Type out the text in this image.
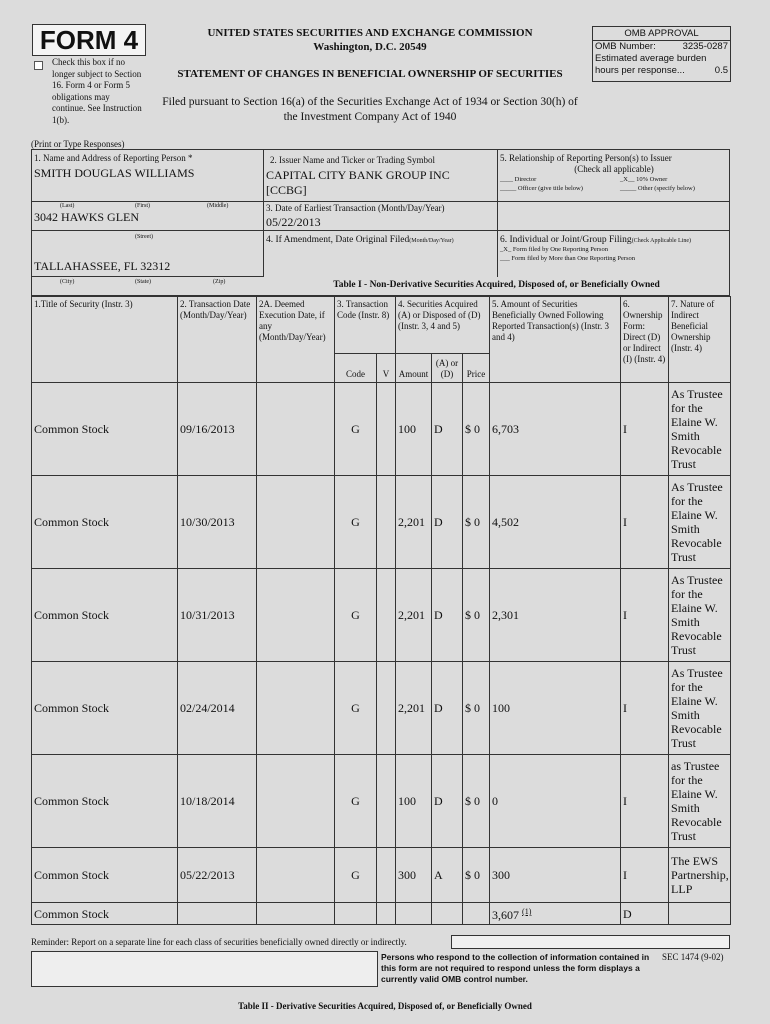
FORM 4
Check this box if no longer subject to Section 16. Form 4 or Form 5 obligations may continue. See Instruction 1(b).
UNITED STATES SECURITIES AND EXCHANGE COMMISSION
Washington, D.C. 20549
STATEMENT OF CHANGES IN BENEFICIAL OWNERSHIP OF SECURITIES
Filed pursuant to Section 16(a) of the Securities Exchange Act of 1934 or Section 30(h) of
the Investment Company Act of 1940
OMB APPROVAL
OMB Number:	3235-0287
Estimated average burden
hours per response...	0.5
(Print or Type Responses)
1. Name and Address of Reporting Person *
SMITH DOUGLAS WILLIAMS
(Last)	(First)	(Middle)
3042 HAWKS GLEN
(Street)
TALLAHASSEE, FL 32312
(City)	(State)	(Zip)
2. Issuer Name and Ticker or Trading Symbol
CAPITAL CITY BANK GROUP INC
[CCBG]
3. Date of Earliest Transaction (Month/Day/Year)
05/22/2013
4. If Amendment, Date Original Filed(Month/Day/Year)
5. Relationship of Reporting Person(s) to Issuer
(Check all applicable)
____ Director	_X__ 10% Owner
_____ Officer (give title below)	_____ Other (specify below)
6. Individual or Joint/Group Filing(Check Applicable Line)
_X_ Form filed by One Reporting Person
___ Form filed by More than One Reporting Person
Table I - Non-Derivative Securities Acquired, Disposed of, or Beneficially Owned
1.Title of Security (Instr. 3)	2. Transaction Date (Month/Day/Year)	2A. Deemed Execution Date, if any (Month/Day/Year)	3. Transaction Code (Instr. 8)		4. Securities Acquired (A) or Disposed of (D) (Instr. 3, 4 and 5)			5. Amount of Securities Beneficially Owned Following Reported Transaction(s) (Instr. 3 and 4)	6. Ownership Form: Direct (D) or Indirect (I) (Instr. 4)	7. Nature of Indirect Beneficial Ownership (Instr. 4)
			Code	V	Amount	(A) or (D)	Price			
Common Stock	09/16/2013		G		100	D	$ 0	6,703	I	As Trustee for the Elaine W. Smith Revocable Trust
Common Stock	10/30/2013		G		2,201	D	$ 0	4,502	I	As Trustee for the Elaine W. Smith Revocable Trust
Common Stock	10/31/2013		G		2,201	D	$ 0	2,301	I	As Trustee for the Elaine W. Smith Revocable Trust
Common Stock	02/24/2014		G		2,201	D	$ 0	100	I	As Trustee for the Elaine W. Smith Revocable Trust
Common Stock	10/18/2014		G		100	D	$ 0	0	I	as Trustee for the Elaine W. Smith Revocable Trust
Common Stock	05/22/2013		G		300	A	$ 0	300	I	The EWS Partnership, LLP
Common Stock								3,607 $^{(1)}$	D	
Reminder: Report on a separate line for each class of securities beneficially owned directly or indirectly.
Persons who respond to the collection of information contained in this form are not required to respond unless the form displays a currently valid OMB control number.
SEC 1474 (9-02)
Table II - Derivative Securities Acquired, Disposed of, or Beneficially Owned
